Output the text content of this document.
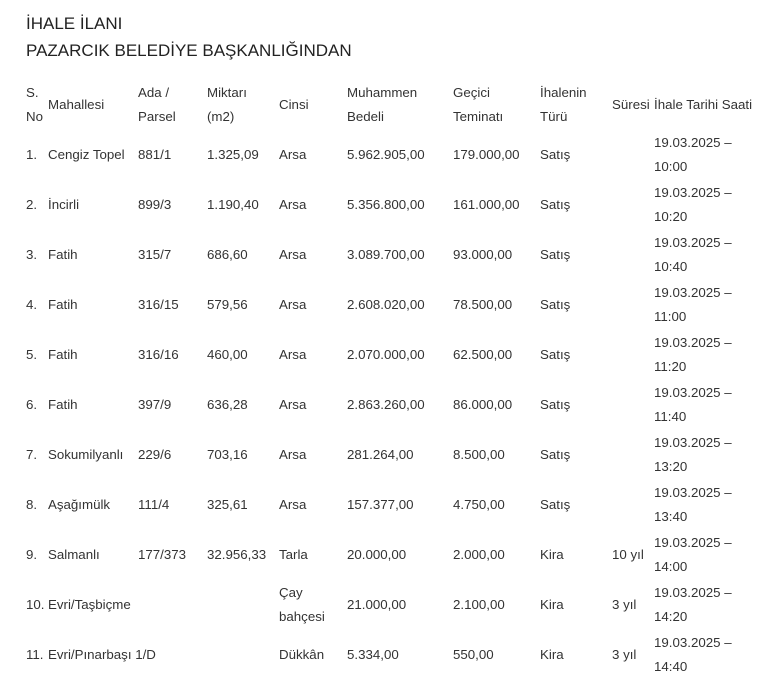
İHALE İLANI
PAZARCIK BELEDİYE BAŞKANLIĞINDAN
S. No	Mahallesi	Ada / Parsel	Miktarı (m2)	Cinsi	Muhammen Bedeli	Geçici Teminatı	İhalenin Türü	Süresi	İhale Tarihi Saati
1.	Cengiz Topel	881/1	1.325,09	Arsa	5.962.905,00	179.000,00	Satış		19.03.2025 – 10:00
2.	İncirli	899/3	1.190,40	Arsa	5.356.800,00	161.000,00	Satış		19.03.2025 – 10:20
3.	Fatih	315/7	686,60	Arsa	3.089.700,00	93.000,00	Satış		19.03.2025 – 10:40
4.	Fatih	316/15	579,56	Arsa	2.608.020,00	78.500,00	Satış		19.03.2025 – 11:00
5.	Fatih	316/16	460,00	Arsa	2.070.000,00	62.500,00	Satış		19.03.2025 – 11:20
6.	Fatih	397/9	636,28	Arsa	2.863.260,00	86.000,00	Satış		19.03.2025 – 11:40
7.	Sokumilyanlı	229/6	703,16	Arsa	281.264,00	8.500,00	Satış		19.03.2025 – 13:20
8.	Aşağımülk	111/4	325,61	Arsa	157.377,00	4.750,00	Satış		19.03.2025 – 13:40
9.	Salmanlı	177/373	32.956,33	Tarla	20.000,00	2.000,00	Kira	10 yıl	19.03.2025 – 14:00
10.	Evri/Taşbiçme			Çay bahçesi	21.000,00	2.100,00	Kira	3 yıl	19.03.2025 – 14:20
11.	Evri/Pınarbaşı 1/D			Dükkân	5.334,00	550,00	Kira	3 yıl	19.03.2025 – 14:40
